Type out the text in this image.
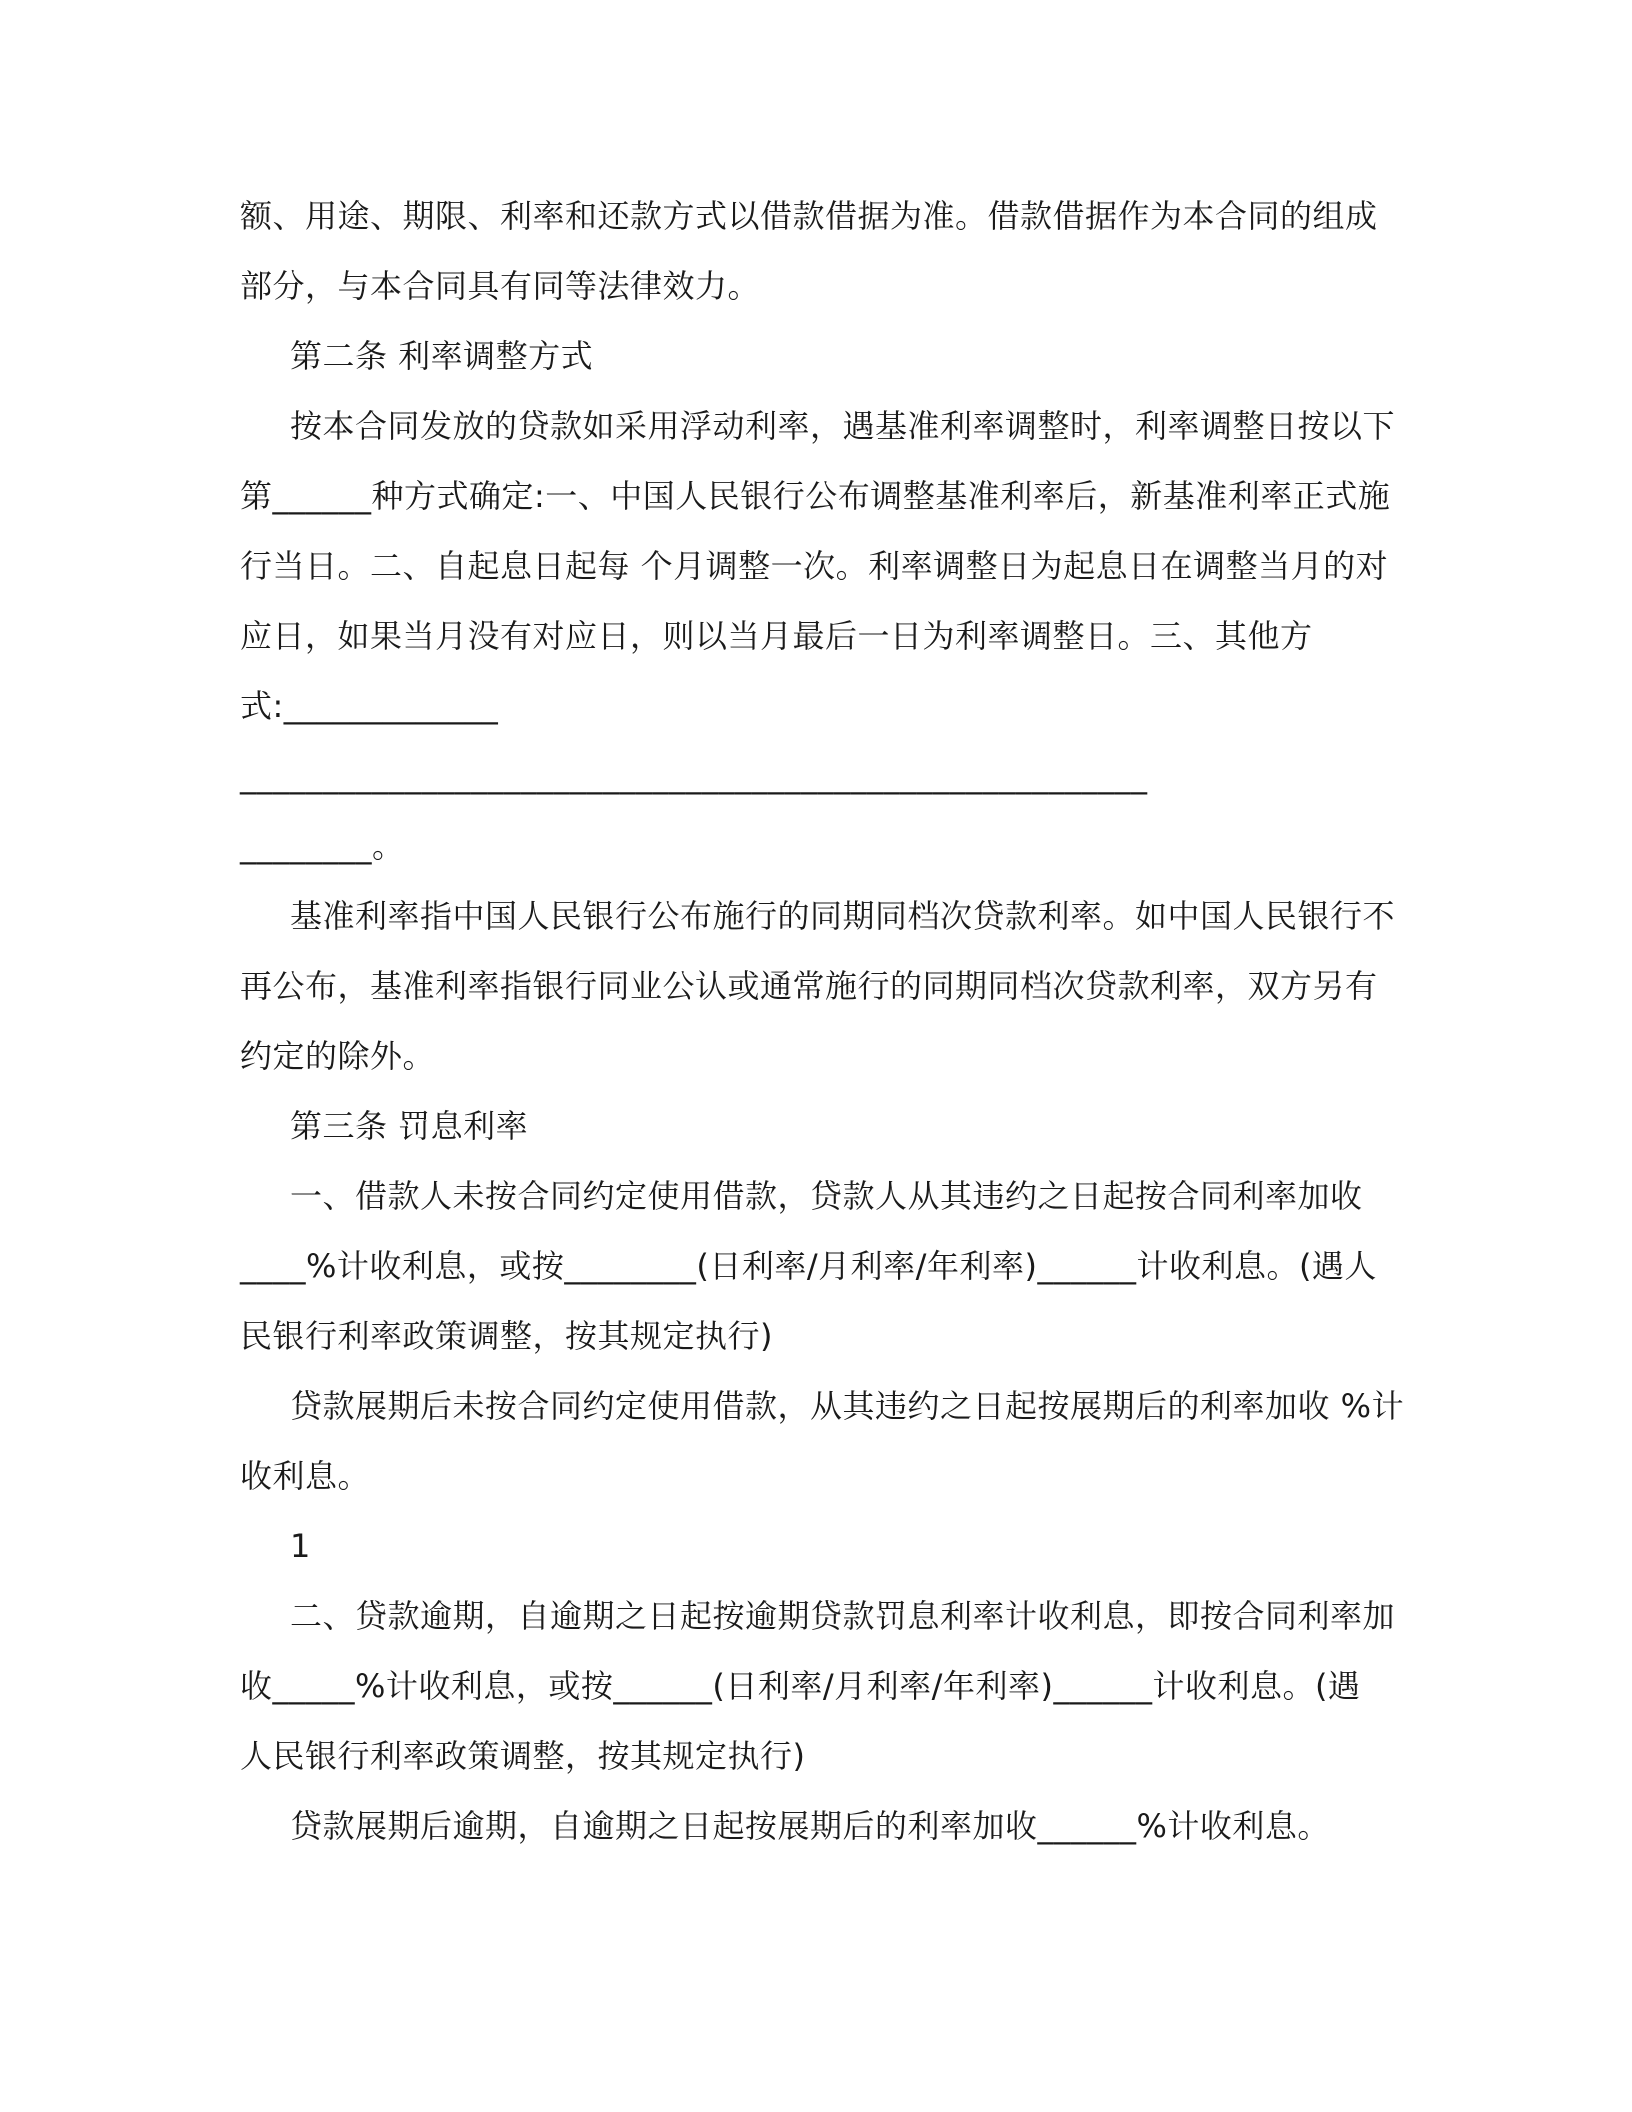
额、用途、期限、利率和还款方式以借款借据为准。借款借据作为本合同的组成
部分，与本合同具有同等法律效力。
第二条 利率调整方式
按本合同发放的贷款如采用浮动利率，遇基准利率调整时，利率调整日按以下
第______种方式确定:一、中国人民银行公布调整基准利率后，新基准利率正式施
行当日。二、自起息日起每 个月调整一次。利率调整日为起息日在调整当月的对
应日，如果当月没有对应日，则以当月最后一日为利率调整日。三、其他方
式:_____________
_______________________________________________________
________。
基准利率指中国人民银行公布施行的同期同档次贷款利率。如中国人民银行不
再公布，基准利率指银行同业公认或通常施行的同期同档次贷款利率，双方另有
约定的除外。
第三条 罚息利率
一、借款人未按合同约定使用借款，贷款人从其违约之日起按合同利率加收
____%计收利息，或按________(日利率/月利率/年利率)______计收利息。(遇人
民银行利率政策调整，按其规定执行)
贷款展期后未按合同约定使用借款，从其违约之日起按展期后的利率加收 %计
收利息。
1
二、贷款逾期，自逾期之日起按逾期贷款罚息利率计收利息，即按合同利率加
收_____%计收利息，或按______(日利率/月利率/年利率)______计收利息。(遇
人民银行利率政策调整，按其规定执行)
贷款展期后逾期，自逾期之日起按展期后的利率加收______%计收利息。
